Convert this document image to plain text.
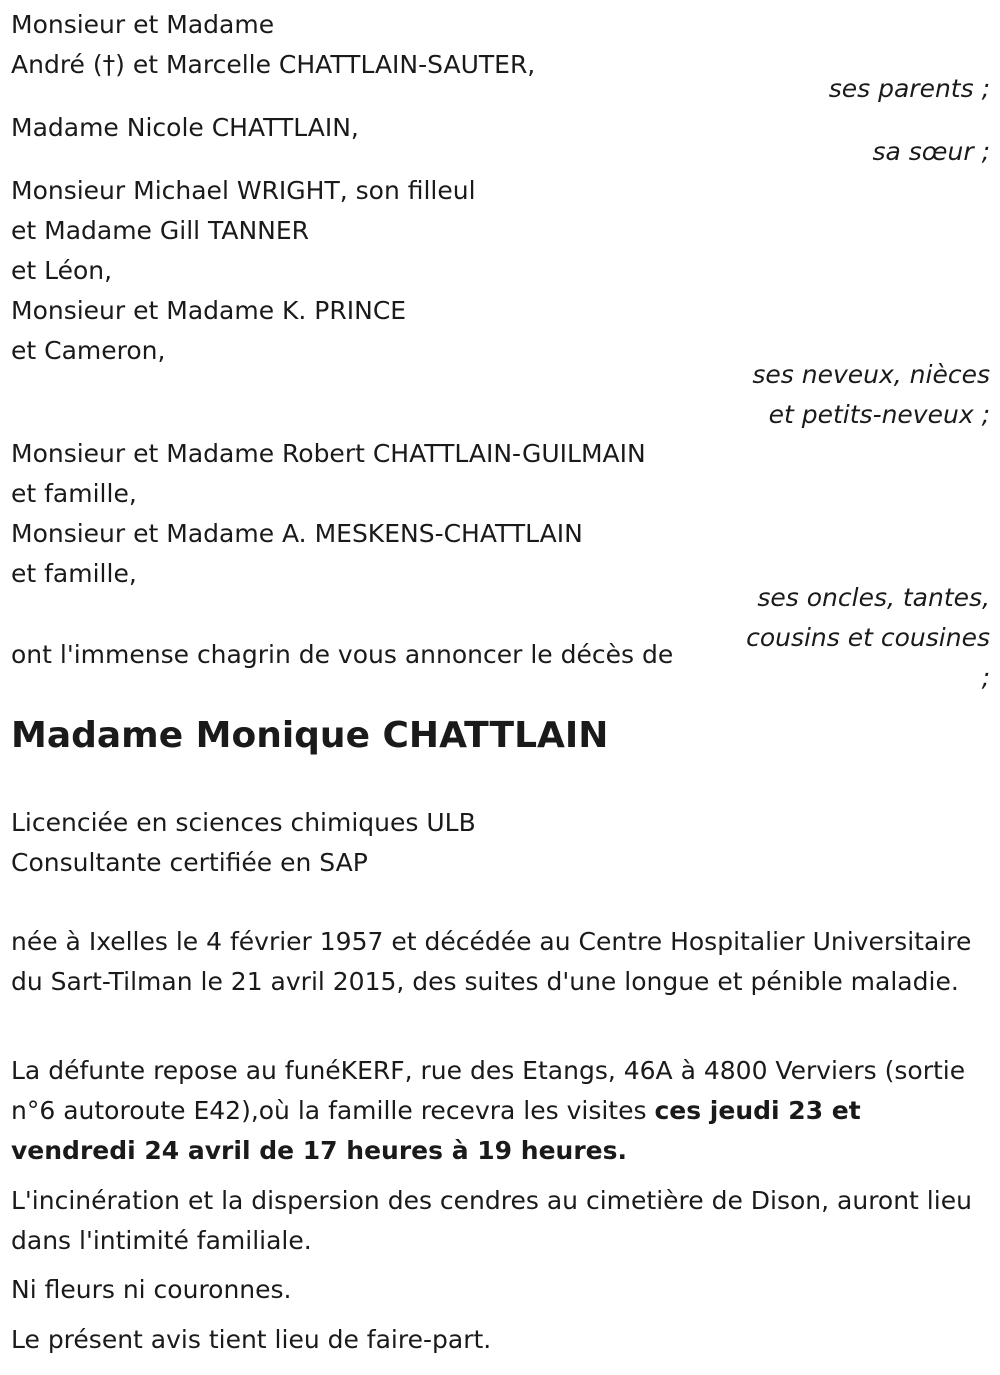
Monsieur et Madame
André (†) et Marcelle CHATTLAIN-SAUTER,
ses parents ;
Madame Nicole CHATTLAIN,
sa sœur ;
Monsieur Michael WRIGHT, son filleul
et Madame Gill TANNER
et Léon,
Monsieur et Madame K. PRINCE
et Cameron,
ses neveux, nièces
et petits-neveux ;
Monsieur et Madame Robert CHATTLAIN-GUILMAIN
et famille,
Monsieur et Madame A. MESKENS-CHATTLAIN
et famille,
ses oncles, tantes,
cousins et cousines
;
ont l'immense chagrin de vous annoncer le décès de
Madame Monique CHATTLAIN
Licenciée en sciences chimiques ULB
Consultante certifiée en SAP
née à Ixelles le 4 février 1957 et décédée au Centre Hospitalier Universitaire du Sart-Tilman le 21 avril 2015, des suites d'une longue et pénible maladie.
La défunte repose au funéKERF, rue des Etangs, 46A à 4800 Verviers (sortie n°6 autoroute E42),où la famille recevra les visites ces jeudi 23 et vendredi 24 avril de 17 heures à 19 heures.
L'incinération et la dispersion des cendres au cimetière de Dison, auront lieu dans l'intimité familiale.
Ni fleurs ni couronnes.
Le présent avis tient lieu de faire-part.
